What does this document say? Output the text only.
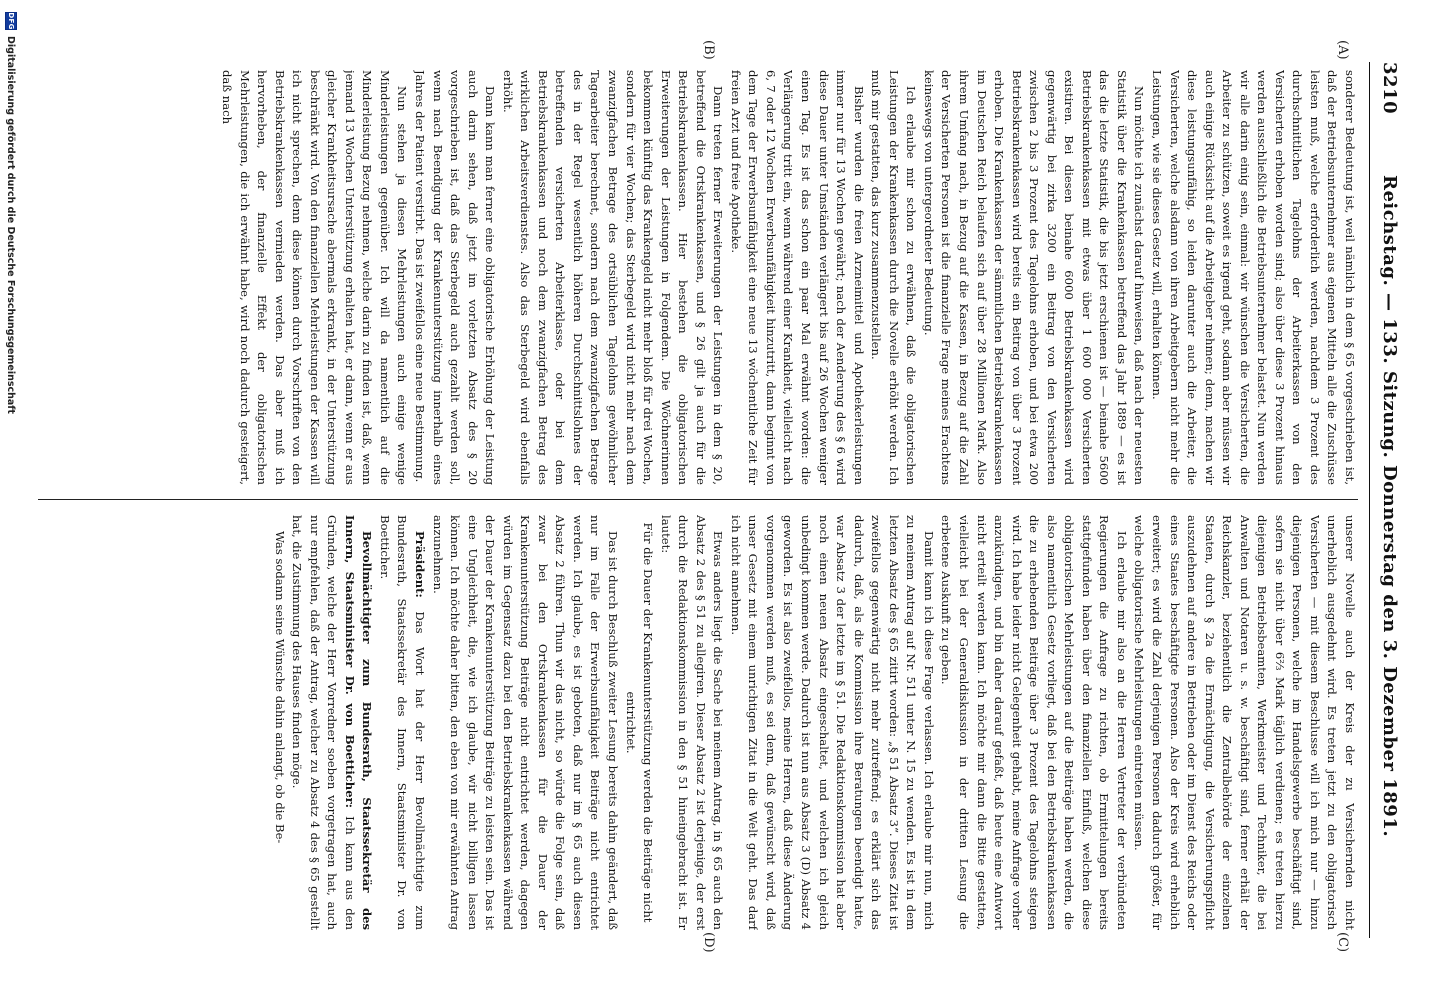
3210
Reichstag. — 133. Sitzung. Donnerstag den 3. Dezember 1891.
(A)
(B)
(C)
(D)

sonderer Bedeutung ist, weil nämlich in dem § 65 vorgeschrieben ist, daß der Betriebsunternehmer aus eigenen Mitteln alle die Zuschüsse leisten muß, welche erforderlich werden, nachdem 3 Prozent des durchschnittlichen Tagelohns der Arbeiterkassen von den Versicherten erhoben worden sind; also über diese 3 Prozent hinaus werden ausschließlich die Betriebsunternehmer belastet. Nun werden wir alle darin einig sein, einmal: wir wünschen die Versicherten, die Arbeiter zu schützen, soweit es irgend geht, sodann aber müssen wir auch einige Rücksicht auf die Arbeitgeber nehmen; denn, machen wir diese leistungsunfähig, so leiden darunter auch die Arbeiter, die Versicherten, welche alsdann von ihren Arbeitgebern nicht mehr die Leistungen, wie sie dieses Gesetz will, erhalten können.

Nun möchte ich zunächst darauf hinweisen, daß nach der neuesten Statistik über die Krankenkassen betreffend das Jahr 1889 — es ist das die letzte Statistik, die bis jetzt erschienen ist — beinahe 5600 Betriebskrankenkassen mit etwas über 1 600 000 Versicherten existiren. Bei diesen beinahe 6000 Betriebskrankenkassen wird gegenwärtig bei zirka 3200 ein Beitrag von den Versicherten zwischen 2 bis 3 Prozent des Tagelohns erhoben, und bei etwa 200 Betriebskrankenkassen wird bereits ein Beitrag von über 3 Prozent erhoben. Die Krankenkassen der sämmtlichen Betriebskrankenkassen im Deutschen Reich belaufen sich auf über 28 Millionen Mark. Also ihrem Umfang nach, in Bezug auf die Kassen, in Bezug auf die Zahl der Versicherten Personen ist die finanzielle Frage meines Erachtens keineswegs von untergeordneter Bedeutung.

Ich erlaube mir schon zu erwähnen, daß die obligatorischen Leistungen der Krankenkassen durch die Novelle erhöht werden. Ich muß mir gestatten, das kurz zusammenzustellen.

Bisher wurden die freien Arzneimittel und Apothekerleistungen immer nur für 13 Wochen gewährt; nach der Aenderung des § 6 wird diese Dauer unter Umständen verlängert bis auf 26 Wochen weniger einen Tag. Es ist das schon ein paar Mal erwähnt worden: die Verlängerung tritt ein, wenn während einer Krankheit, vielleicht nach 6, 7 oder 12 Wochen Erwerbsunfähigkeit hinzutritt, dann beginnt von dem Tage der Erwerbsunfähigkeit eine neue 13 wöchentliche Zeit für freien Arzt und freie Apotheke.

Dann treten ferner Erweiterungen der Leistungen in dem § 20, betreffend die Ortskrankenkassen, und § 26 gilt ja auch für die Betriebskrankenkassen. Hier bestehen die obligatorischen Erweiterungen der Leistungen in Folgendem. Die Wöchnerinnen bekommen künftig das Krankengeld nicht mehr bloß für drei Wochen, sondern für vier Wochen; das Sterbegeld wird nicht mehr nach dem zwanzigfachen Betrage des ortsüblichen Tagelohns gewöhnlicher Tagearbeiter berechnet, sondern nach dem zwanzigfachen Betrage des in der Regel wesentlich höheren Durchschnittslohnes der betreffenden versicherten Arbeiterklasse, oder bei dem Betriebskrankenkassen und noch dem zwanzigfachen Betrag des wirklichen Arbeitsverdienstes. Also das Sterbegeld wird ebenfalls erhöht.

Dann kann man ferner eine obligatorische Erhöhung der Leistung auch darin sehen, daß jetzt im vorletzten Absatz des § 20 vorgeschrieben ist, daß das Sterbegeld auch gezahlt werden soll, wenn nach Beendigung der Krankenunterstützung innerhalb eines Jahres der Patient verstirbt. Das ist zweifellos eine neue Bestimmung.

Nun stehen ja diesen Mehrleistungen auch einige wenige Minderleistungen gegenüber. Ich will da namentlich auf die Minderleistung Bezug nehmen, welche darin zu finden ist, daß, wenn jemand 13 Wochen Unterstützung erhalten hat, er dann, wenn er aus gleicher Krankheitsursache abermals erkrankt, in der Unterstützung beschränkt wird. Von den finanziellen Mehrleistungen der Kassen will ich nicht sprechen, denn diese können durch Vorschriften von den Betriebskrankenkassen vermieden werden. Das aber muß ich hervorheben, der finanzielle Effekt der obligatorischen Mehrleistungen, die ich erwähnt habe, wird noch dadurch gesteigert, daß nach

unserer Novelle auch der Kreis der zu Versichernden nicht unerheblich ausgedehnt wird. Es treten jetzt zu den obligatorisch Versicherten — mit diesem Beschlusse will ich mich nur — hinzu diejenigen Personen, welche im Handelsgewerbe beschäftigt sind, sofern sie nicht über 6⅔ Mark täglich verdienen; es treten hierzu diejenigen Betriebsbeamten, Werkmeister und Techniker, die bei Anwalten und Notaren u. s. w. beschäftigt sind, ferner erhält der Reichskanzler, beziehentlich die Zentralbehörde der einzelnen Staaten, durch § 2a die Ermächtigung, die Versicherungspflicht auszudehnen auf andere in Betrieben oder im Dienst des Reichs oder eines Staates beschäftigte Personen. Also der Kreis wird erheblich erweitert; es wird die Zahl derjenigen Personen dadurch größer, für welche obligatorische Mehrleistungen eintreten müssen.

Ich erlaube mir also an die Herren Vertreter der verbündeten Regierungen die Anfrage zu richten, ob Ermittelungen bereits stattgefunden haben über den finanziellen Einfluß, welchen diese obligatorischen Mehrleistungen auf die Beiträge haben werden, die also namentlich Gesetz vorliegt, daß bei den Betriebskrankenkassen die zu erhebenden Beiträge über 3 Prozent des Tagelohns steigen wird. Ich habe leider nicht Gelegenheit gehabt, meine Anfrage vorher anzukündigen, und bin daher darauf gefaßt, daß heute eine Antwort nicht erteilt werden kann. Ich möchte mir dann die Bitte gestatten, vielleicht bei der Generaldiskussion in der dritten Lesung die erbetene Auskunft zu geben.

Damit kann ich diese Frage verlassen. Ich erlaube mir nun, mich zu meinem Antrag auf Nr. 511 unter N. 15 zu wenden. Es ist in dem letzten Absatz des § 65 zitirt worden: „§ 51 Absatz 3“. Dieses Zitat ist zweifellos gegenwärtig nicht mehr zutreffend; es erklärt sich das dadurch, daß, als die Kommission ihre Beratungen beendigt hatte, war Absatz 3 der letzte im § 51. Die Redaktionskommission hat aber noch einen neuen Absatz eingeschaltet, und welchen ich gleich unbedingt kommen werde. Dadurch ist nun aus Absatz 3 (D) Absatz 4 geworden. Es ist also zweifellos, meine Herren, daß diese Änderung vorgenommen werden muß, es sei denn, daß gewünscht wird, daß unser Gesetz mit einem unrichtigen Zitat in die Welt geht. Das darf ich nicht annehmen.

Etwas anders liegt die Sache bei meinem Antrag, in § 65 auch den Absatz 2 des § 51 zu allegiren. Dieser Absatz 2 ist derjenige, der erst durch die Redaktionskommission in den § 51 hineingebracht ist. Er lautet:

Für die Dauer der Krankenunterstützung werden die Beiträge nicht entrichtet.

Das ist durch Beschluß zweiter Lesung bereits dahin geändert, daß nur im Falle der Erwerbsunfähigkeit Beiträge nicht entrichtet werden. Ich glaube, es ist geboten, daß nur im § 65 auch diesen Absatz 2 führen. Thun wir das nicht, so würde die Folge sein, daß zwar bei den Ortskrankenkassen für die Dauer der Krankenunterstützung Beiträge nicht entrichtet werden, dagegen würden im Gegensatz dazu bei den Betriebskrankenkassen während der Dauer der Krankenunterstützung Beiträge zu leisten sein. Das ist eine Ungleichheit, die, wie ich glaube, wir nicht billigen lassen können. Ich möchte daher bitten, den eben von mir erwähnten Antrag anzunehmen.

Präsident: Das Wort hat der Herr Bevollmächtigte zum Bundesrath, Staatssekretär des Innern, Staatsminister Dr. von Boetticher.

Bevollmächtigter zum Bundesrath, Staatssekretär des Innern, Staatsminister Dr. von Boetticher: Ich kann aus den Gründen, welche der Herr Vorredner soeben vorgetragen hat, auch nur empfehlen, daß der Antrag, welcher zu Absatz 4 des § 65 gestellt hat, die Zustimmung des Hauses finden möge.

Was sodann seine Wünsche dahin anlangt, ob die Be-

DFG
Digitalisierung gefördert durch die Deutsche Forschungsgemeinschaft
